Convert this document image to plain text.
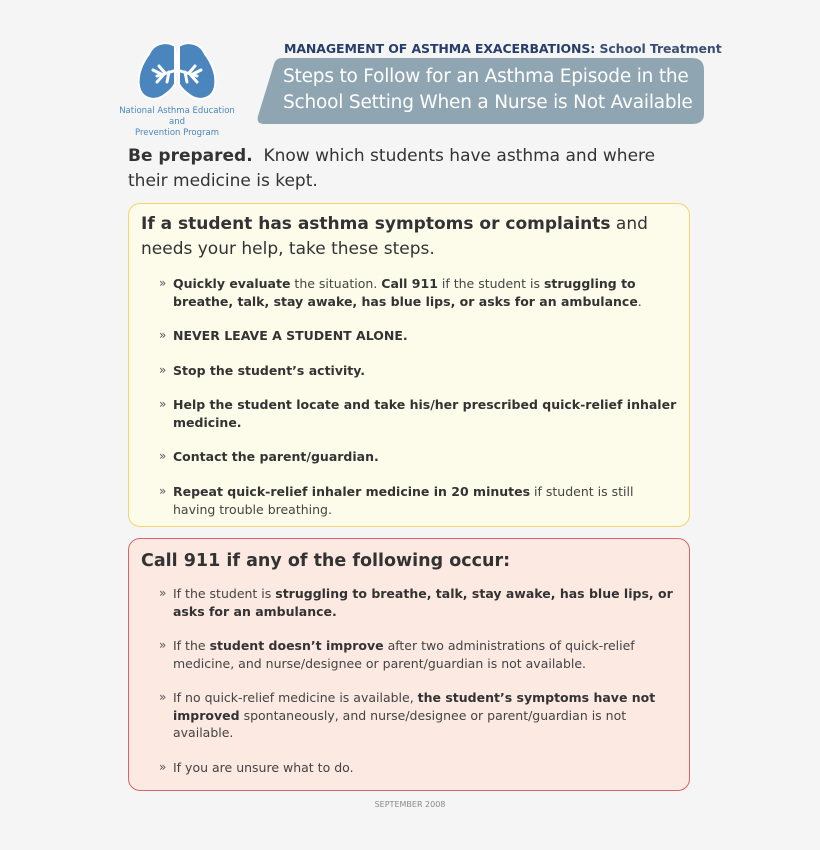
National Asthma Education and
Prevention Program
MANAGEMENT OF ASTHMA EXACERBATIONS: School Treatment
Steps to Follow for an Asthma Episode in the
School Setting When a Nurse is Not Available
Be prepared. Know which students have asthma and where their medicine is kept.
If a student has asthma symptoms or complaints and needs your help, take these steps.
» Quickly evaluate the situation. Call 911 if the student is struggling to breathe, talk, stay awake, has blue lips, or asks for an ambulance.
» NEVER LEAVE A STUDENT ALONE.
» Stop the student’s activity.
» Help the student locate and take his/her prescribed quick-relief inhaler medicine.
» Contact the parent/guardian.
» Repeat quick-relief inhaler medicine in 20 minutes if student is still having trouble breathing.
Call 911 if any of the following occur:
» If the student is struggling to breathe, talk, stay awake, has blue lips, or asks for an ambulance.
» If the student doesn’t improve after two administrations of quick-relief medicine, and nurse/designee or parent/guardian is not available.
» If no quick-relief medicine is available, the student’s symptoms have not improved spontaneously, and nurse/designee or parent/guardian is not available.
» If you are unsure what to do.
SEPTEMBER 2008
